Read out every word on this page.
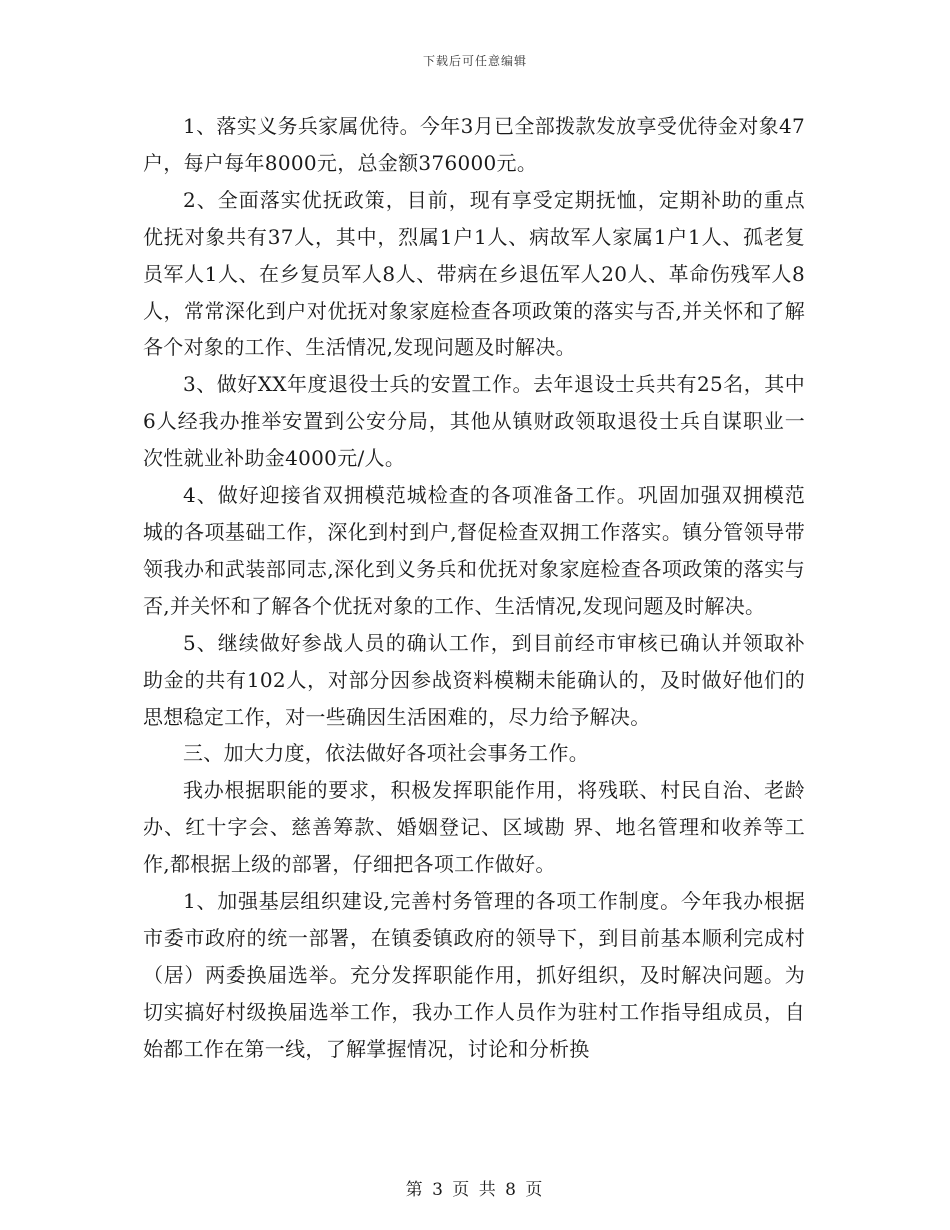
下载后可任意编辑

1、落实义务兵家属优待。今年3月已全部拨款发放享受优待金对象47户，每户每年8000元，总金额376000元。

2、全面落实优抚政策，目前，现有享受定期抚恤，定期补助的重点优抚对象共有37人，其中，烈属1户1人、病故军人家属1户1人、孤老复员军人1人、在乡复员军人8人、带病在乡退伍军人20人、革命伤残军人8人，常常深化到户对优抚对象家庭检查各项政策的落实与否,并关怀和了解各个对象的工作、生活情况,发现问题及时解决。

3、做好XX年度退役士兵的安置工作。去年退设士兵共有25名，其中6人经我办推举安置到公安分局，其他从镇财政领取退役士兵自谋职业一次性就业补助金4000元/人。

4、做好迎接省双拥模范城检查的各项准备工作。巩固加强双拥模范城的各项基础工作，深化到村到户,督促检查双拥工作落实。镇分管领导带领我办和武装部同志,深化到义务兵和优抚对象家庭检查各项政策的落实与否,并关怀和了解各个优抚对象的工作、生活情况,发现问题及时解决。

5、继续做好参战人员的确认工作，到目前经市审核已确认并领取补助金的共有102人，对部分因参战资料模糊未能确认的，及时做好他们的思想稳定工作，对一些确因生活困难的，尽力给予解决。

三、加大力度，依法做好各项社会事务工作。

我办根据职能的要求，积极发挥职能作用，将残联、村民自治、老龄办、红十字会、慈善筹款、婚姻登记、区域勘 界、地名管理和收养等工作,都根据上级的部署，仔细把各项工作做好。

1、加强基层组织建设,完善村务管理的各项工作制度。今年我办根据市委市政府的统一部署，在镇委镇政府的领导下，到目前基本顺利完成村（居）两委换届选举。充分发挥职能作用，抓好组织，及时解决问题。为切实搞好村级换届选举工作，我办工作人员作为驻村工作指导组成员，自始都工作在第一线，了解掌握情况，讨论和分析换

第 3 页 共 8 页
